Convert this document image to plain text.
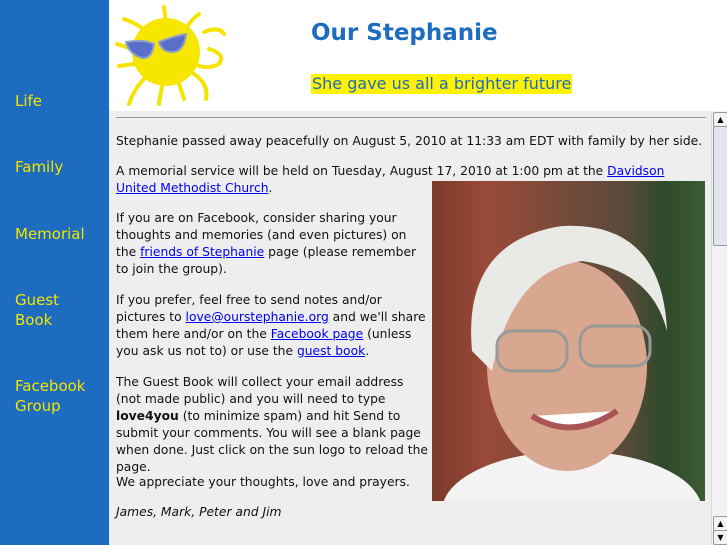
Life
Family
Memorial
Guest Book
Facebook Group
Our Stephanie
She gave us all a brighter future
Stephanie passed away peacefully on August 5, 2010 at 11:33 am EDT with family by her side.
A memorial service will be held on Tuesday, August 17, 2010 at 1:00 pm at the Davidson United Methodist Church.
If you are on Facebook, consider sharing your thoughts and memories (and even pictures) on the friends of Stephanie page (please remember to join the group).
If you prefer, feel free to send notes and/or pictures to love@ourstephanie.org and we'll share them here and/or on the Facebook page (unless you ask us not to) or use the guest book.
The Guest Book will collect your email address (not made public) and you will need to type love4you (to minimize spam) and hit Send to submit your comments. You will see a blank page when done. Just click on the sun logo to reload the page.
We appreciate your thoughts, love and prayers.
James, Mark, Peter and Jim
▲
▲
▼
